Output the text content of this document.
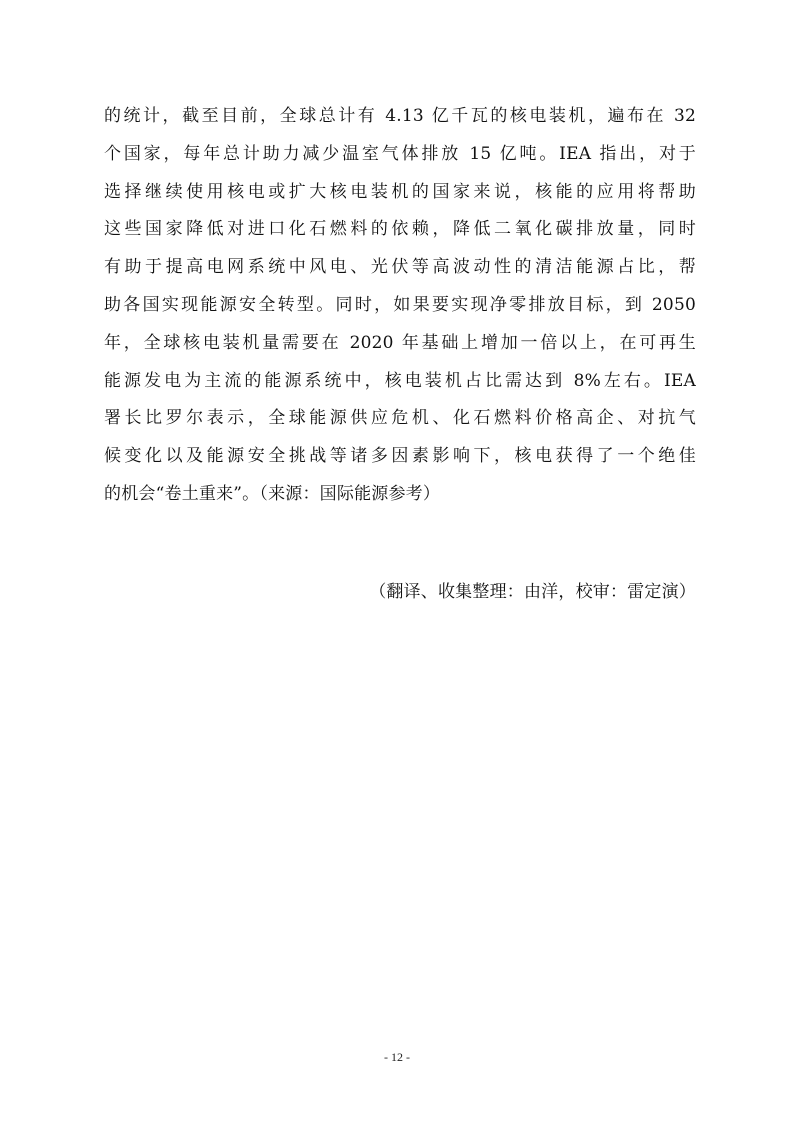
的统计，截至目前，全球总计有 4.13 亿千瓦的核电装机，遍布在 32
个国家，每年总计助力减少温室气体排放 15 亿吨。IEA 指出，对于
选择继续使用核电或扩大核电装机的国家来说，核能的应用将帮助
这些国家降低对进口化石燃料的依赖，降低二氧化碳排放量，同时
有助于提高电网系统中风电、光伏等高波动性的清洁能源占比，帮
助各国实现能源安全转型。同时，如果要实现净零排放目标，到 2050
年，全球核电装机量需要在 2020 年基础上增加一倍以上，在可再生
能源发电为主流的能源系统中，核电装机占比需达到 8%左右。IEA
署长比罗尔表示，全球能源供应危机、化石燃料价格高企、对抗气
候变化以及能源安全挑战等诸多因素影响下，核电获得了一个绝佳
的机会“卷土重来”。（来源：国际能源参考）
（翻译、收集整理：由洋，校审：雷定演）
- 12 -
